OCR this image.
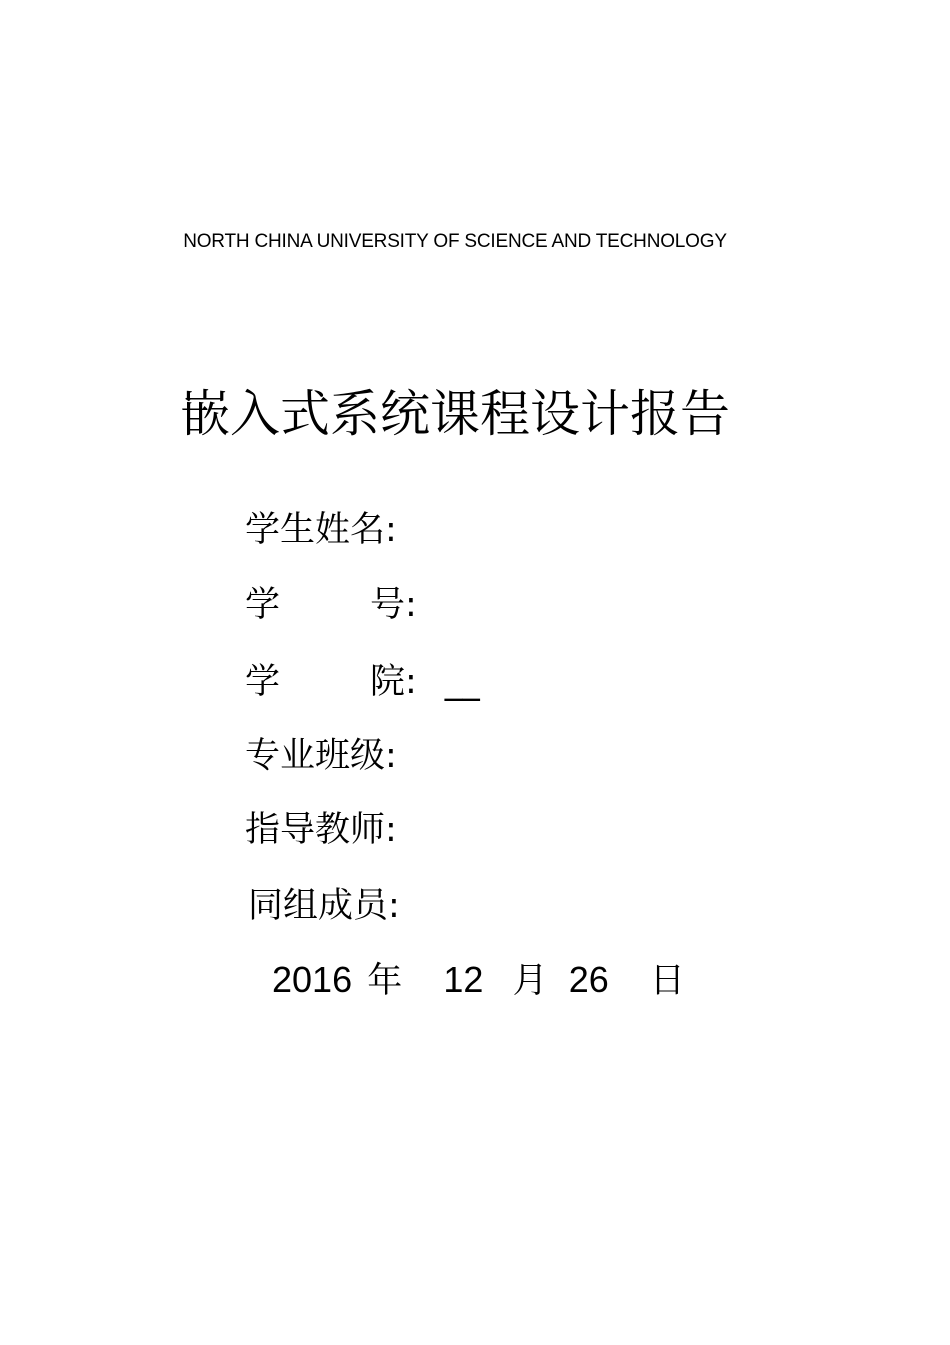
NORTH CHINA UNIVERSITY OF SCIENCE AND TECHNOLOGY
嵌入式系统课程设计报告
学生姓名:
学	号 :
学	院 : __
专业班级:
指导教师:
同组成员:
2016 年 12 月 26 日
